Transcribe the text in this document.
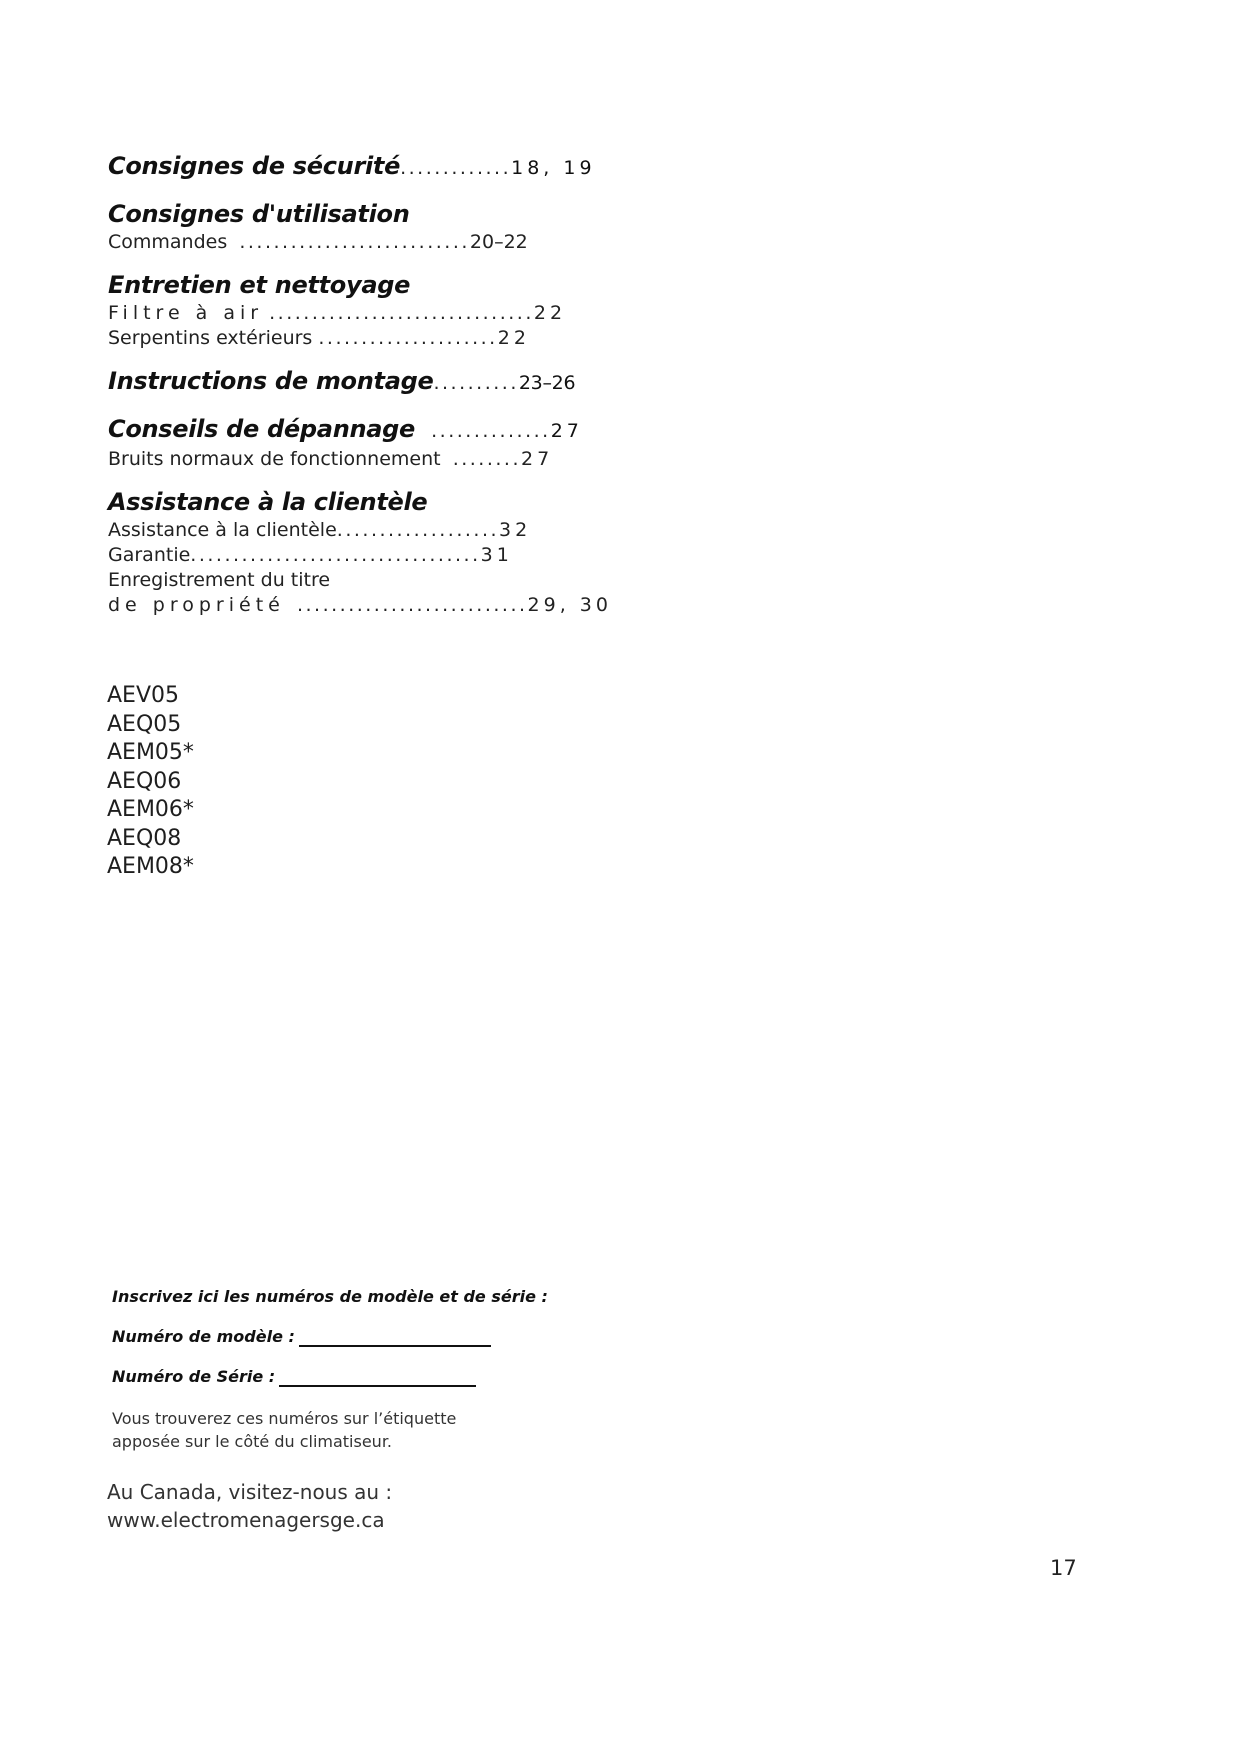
Consignes de sécurité.............18, 19
Consignes d'utilisation
Commandes ...........................20–22
Entretien et nettoyage
Filtre à air ...............................22
Serpentins extérieurs .....................22
Instructions de montage..........23–26
Conseils de dépannage ..............27
Bruits normaux de fonctionnement ........27
Assistance à la clientèle
Assistance à la clientèle...................32
Garantie..................................31
Enregistrement du titre
de propriété ...........................29, 30
AEV05
AEQ05
AEM05*
AEQ06
AEM06*
AEQ08
AEM08*
Inscrivez ici les numéros de modèle et de série :
Numéro de modèle :
Numéro de Série :
Vous trouverez ces numéros sur l’étiquette
apposée sur le côté du climatiseur.
Au Canada, visitez-nous au :
www.electromenagersge.ca
17
